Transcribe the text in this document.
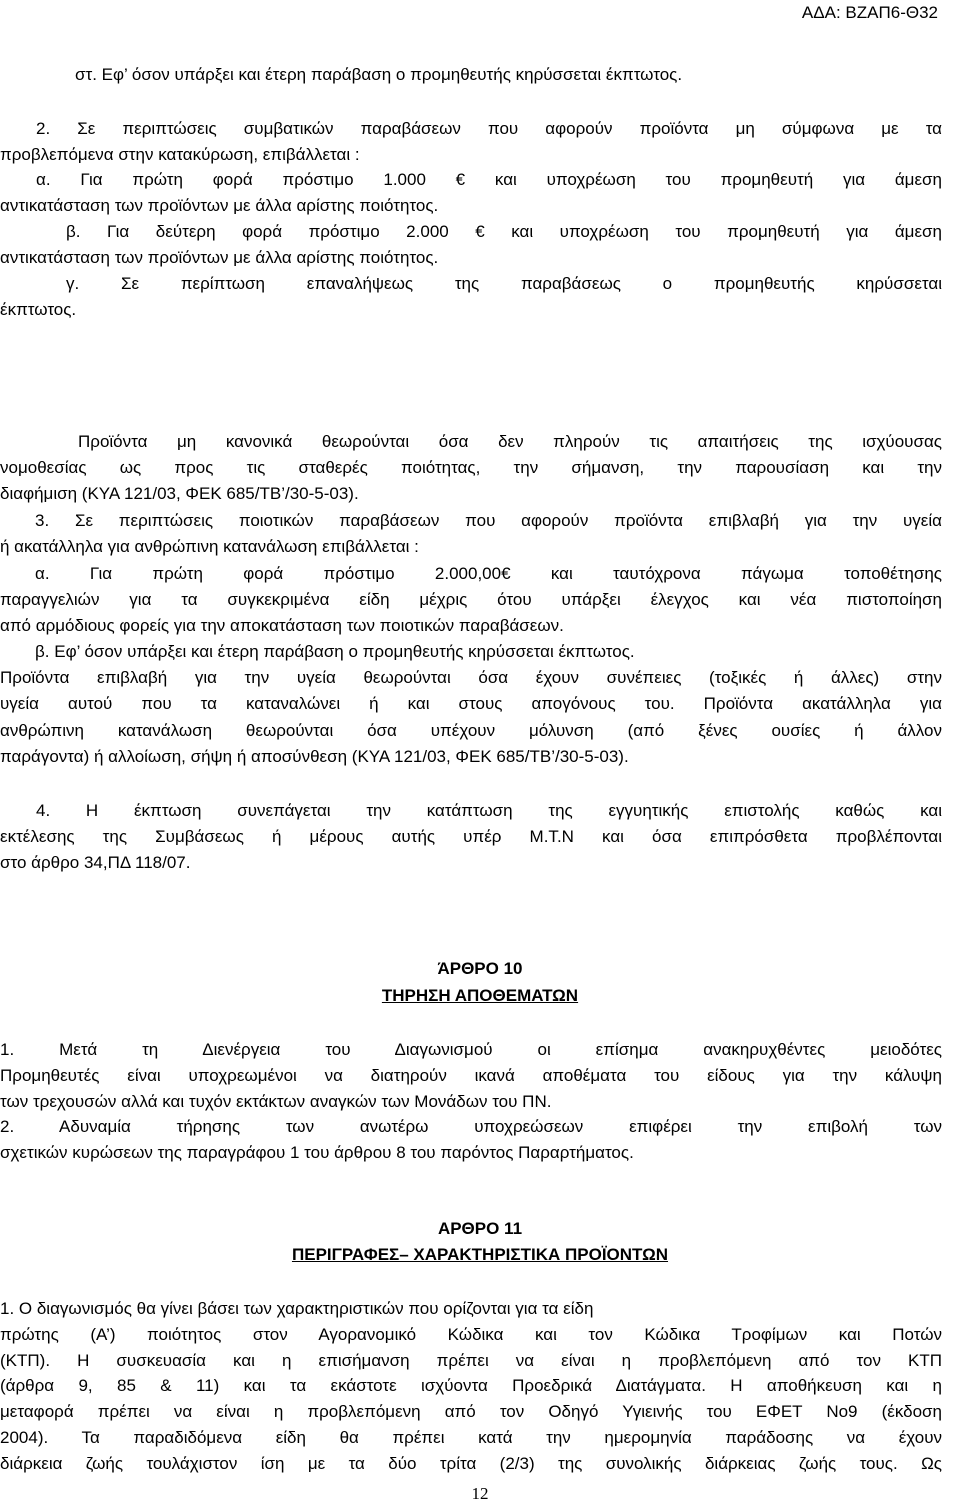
ΑΔΑ: ΒΖΑΠ6-Θ32
στ. Εφ’ όσον υπάρξει και έτερη παράβαση ο προμηθευτής κηρύσσεται έκπτωτος.
2. Σε περιπτώσεις συμβατικών παραβάσεων που αφορούν προϊόντα μη σύμφωνα με τα
προβλεπόμενα στην κατακύρωση, επιβάλλεται :
α. Για πρώτη φορά πρόστιμο 1.000 € και υποχρέωση του προμηθευτή για άμεση
αντικατάσταση των προϊόντων με άλλα αρίστης ποιότητος.
β. Για δεύτερη φορά πρόστιμο 2.000 € και υποχρέωση του προμηθευτή για άμεση
αντικατάσταση των προϊόντων με άλλα αρίστης ποιότητος.
γ. Σε περίπτωση επαναλήψεως της παραβάσεως ο προμηθευτής κηρύσσεται
έκπτωτος.
Προϊόντα μη κανονικά θεωρούνται όσα δεν πληρούν τις απαιτήσεις της ισχύουσας
νομοθεσίας ως προς τις σταθερές ποιότητας, την σήμανση, την παρουσίαση και την
διαφήμιση (ΚΥΑ 121/03, ΦΕΚ 685/ΤΒ’/30-5-03).
3. Σε περιπτώσεις ποιοτικών παραβάσεων που αφορούν προϊόντα επιβλαβή για την υγεία
ή ακατάλληλα για ανθρώπινη κατανάλωση επιβάλλεται :
α. Για πρώτη φορά πρόστιμο 2.000,00€ και ταυτόχρονα πάγωμα τοποθέτησης
παραγγελιών για τα συγκεκριμένα είδη μέχρις ότου υπάρξει έλεγχος και νέα πιστοποίηση
από αρμόδιους φορείς για την αποκατάσταση των ποιοτικών παραβάσεων.
β. Εφ’ όσον υπάρξει και έτερη παράβαση ο προμηθευτής κηρύσσεται έκπτωτος.
Προϊόντα επιβλαβή για την υγεία θεωρούνται όσα έχουν συνέπειες (τοξικές ή άλλες) στην
υγεία αυτού που τα καταναλώνει ή και στους απογόνους του. Προϊόντα ακατάλληλα για
ανθρώπινη κατανάλωση θεωρούνται όσα υπέχουν μόλυνση (από ξένες ουσίες ή άλλον
παράγοντα) ή αλλοίωση, σήψη ή αποσύνθεση (ΚΥΑ 121/03, ΦΕΚ 685/ΤΒ’/30-5-03).
4. Η έκπτωση συνεπάγεται την κατάπτωση της εγγυητικής επιστολής καθώς και
εκτέλεσης της Συμβάσεως ή μέρους αυτής υπέρ Μ.Τ.Ν και όσα επιπρόσθετα προβλέπονται
στο άρθρο 34,ΠΔ 118/07.
ΆΡΘΡΟ 10
ΤΗΡΗΣΗ ΑΠΟΘΕΜΑΤΩΝ
1. Μετά τη Διενέργεια του Διαγωνισμού οι επίσημα ανακηρυχθέντες μειοδότες
Προμηθευτές είναι υποχρεωμένοι να διατηρούν ικανά αποθέματα του είδους για την κάλυψη
των τρεχουσών αλλά και τυχόν εκτάκτων αναγκών των Μονάδων του ΠΝ.
2. Αδυναμία τήρησης των ανωτέρω υποχρεώσεων επιφέρει την επιβολή των
σχετικών κυρώσεων της παραγράφου 1 του άρθρου 8 του παρόντος Παραρτήματος.
ΑΡΘΡΟ 11
ΠΕΡΙΓΡΑΦΕΣ– ΧΑΡΑΚΤΗΡΙΣΤΙΚΑ ΠΡΟΪΟΝΤΩΝ
1. Ο διαγωνισμός θα γίνει βάσει των χαρακτηριστικών που ορίζονται για τα είδη
πρώτης (Α’) ποιότητος στον Αγορανομικό Κώδικα και τον Κώδικα Τροφίμων και Ποτών
(ΚΤΠ). Η συσκευασία και η επισήμανση πρέπει να είναι η προβλεπόμενη από τον ΚΤΠ
(άρθρα 9, 85 & 11) και τα εκάστοτε ισχύοντα Προεδρικά Διατάγματα. Η αποθήκευση και η
μεταφορά πρέπει να είναι η προβλεπόμενη από τον Οδηγό Υγιεινής του ΕΦΕΤ Νο9 (έκδοση
2004). Τα παραδιδόμενα είδη θα πρέπει κατά την ημερομηνία παράδοσης να έχουν
διάρκεια ζωής τουλάχιστον ίση με τα δύο τρίτα (2/3) της συνολικής διάρκειας ζωής τους. Ως
12
